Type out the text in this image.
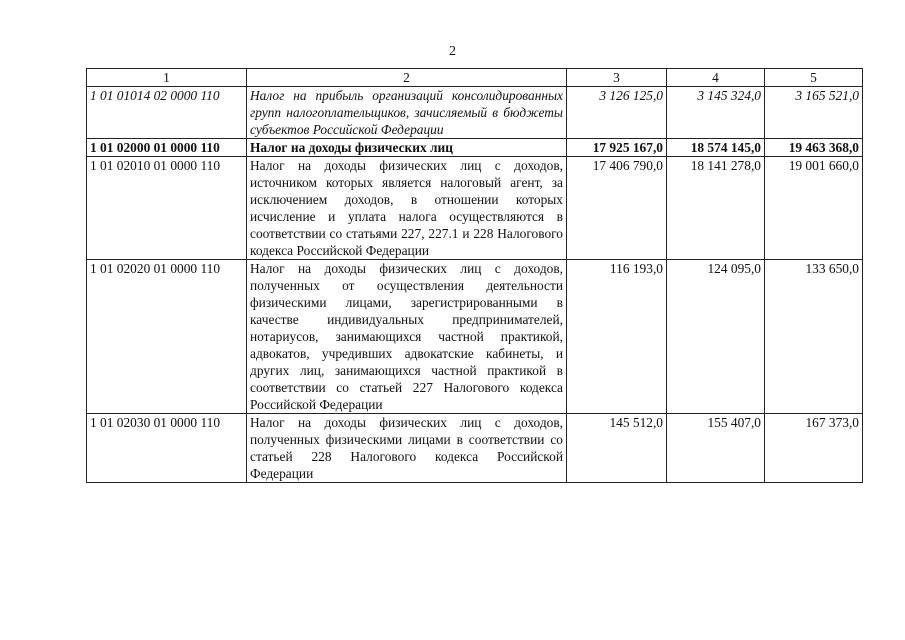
2
1	2	3	4	5
1 01 01014 02 0000 110	Налог на прибыль организаций консолидированных групп налогоплательщиков, зачисляемый в бюджеты субъектов Российской Федерации	3 126 125,0	3 145 324,0	3 165 521,0
1 01 02000 01 0000 110	Налог на доходы физических лиц	17 925 167,0	18 574 145,0	19 463 368,0
1 01 02010 01 0000 110	Налог на доходы физических лиц с доходов, источником которых является налоговый агент, за исключением доходов, в отношении которых исчисление и уплата налога осуществляются в соответствии со статьями 227, 227.1 и 228 Налогового кодекса Российской Федерации	17 406 790,0	18 141 278,0	19 001 660,0
1 01 02020 01 0000 110	Налог на доходы физических лиц с доходов, полученных от осуществления деятельности физическими лицами, зарегистрированными в качестве индивидуальных предпринимателей, нотариусов, занимающихся частной практикой, адвокатов, учредивших адвокатские кабинеты, и других лиц, занимающихся частной практикой в соответствии со статьей 227 Налогового кодекса Российской Федерации	116 193,0	124 095,0	133 650,0
1 01 02030 01 0000 110	Налог на доходы физических лиц с доходов, полученных физическими лицами в соответствии со статьей 228 Налогового кодекса Российской Федерации	145 512,0	155 407,0	167 373,0
